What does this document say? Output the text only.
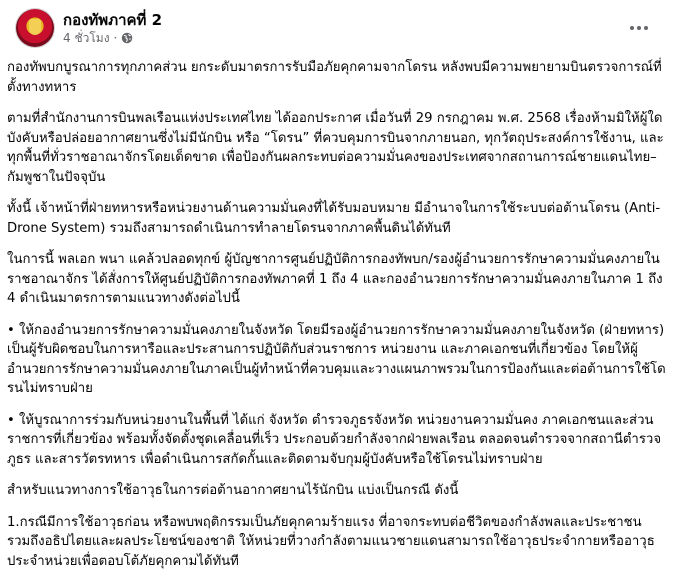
กองทัพภาคที่ 2
4 ชั่วโมง ·

กองทัพบกบูรณาการทุกภาคส่วน ยกระดับมาตรการรับมือภัยคุกคามจากโดรน หลังพบมีความพยายามบินตรวจการณ์ที่ตั้งทางทหาร

ตามที่สำนักงานการบินพลเรือนแห่งประเทศไทย ได้ออกประกาศ เมื่อวันที่ 29 กรกฎาคม พ.ศ. 2568 เรื่องห้ามมิให้ผู้ใดบังคับหรือปล่อยอากาศยานซึ่งไม่มีนักบิน หรือ “โดรน” ที่ควบคุมการบินจากภายนอก, ทุกวัตถุประสงค์การใช้งาน, และทุกพื้นที่ทั่วราชอาณาจักรโดยเด็ดขาด เพื่อป้องกันผลกระทบต่อความมั่นคงของประเทศจากสถานการณ์ชายแดนไทย–กัมพูชาในปัจจุบัน

ทั้งนี้ เจ้าหน้าที่ฝ่ายทหารหรือหน่วยงานด้านความมั่นคงที่ได้รับมอบหมาย มีอำนาจในการใช้ระบบต่อต้านโดรน (Anti-Drone System) รวมถึงสามารถดำเนินการทำลายโดรนจากภาคพื้นดินได้ทันที

ในการนี้ พลเอก พนา แคล้วปลอดทุกข์ ผู้บัญชาการศูนย์ปฏิบัติการกองทัพบก/รองผู้อำนวยการรักษาความมั่นคงภายในราชอาณาจักร ได้สั่งการให้ศูนย์ปฏิบัติการกองทัพภาคที่ 1 ถึง 4 และกองอำนวยการรักษาความมั่นคงภายในภาค 1 ถึง 4 ดำเนินมาตรการตามแนวทางดังต่อไปนี้

• ให้กองอำนวยการรักษาความมั่นคงภายในจังหวัด โดยมีรองผู้อำนวยการรักษาความมั่นคงภายในจังหวัด (ฝ่ายทหาร) เป็นผู้รับผิดชอบในการหารือและประสานการปฏิบัติกับส่วนราชการ หน่วยงาน และภาคเอกชนที่เกี่ยวข้อง โดยให้ผู้อำนวยการรักษาความมั่นคงภายในภาคเป็นผู้ทำหน้าที่ควบคุมและวางแผนภาพรวมในการป้องกันและต่อต้านการใช้โดรนไม่ทราบฝ่าย

• ให้บูรณาการร่วมกับหน่วยงานในพื้นที่ ได้แก่ จังหวัด ตำรวจภูธรจังหวัด หน่วยงานความมั่นคง ภาคเอกชนและส่วนราชการที่เกี่ยวข้อง พร้อมทั้งจัดตั้งชุดเคลื่อนที่เร็ว ประกอบด้วยกำลังจากฝ่ายพลเรือน ตลอดจนตำรวจจากสถานีตำรวจภูธร และสารวัตรทหาร เพื่อดำเนินการสกัดกั้นและติดตามจับกุมผู้บังคับหรือใช้โดรนไม่ทราบฝ่าย

สำหรับแนวทางการใช้อาวุธในการต่อต้านอากาศยานไร้นักบิน แบ่งเป็นกรณี ดังนี้

1.กรณีมีการใช้อาวุธก่อน หรือพบพฤติกรรมเป็นภัยคุกคามร้ายแรง ที่อาจกระทบต่อชีวิตของกำลังพลและประชาชน รวมถึงอธิปไตยและผลประโยชน์ของชาติ ให้หน่วยที่วางกำลังตามแนวชายแดนสามารถใช้อาวุธประจำกายหรืออาวุธประจำหน่วยเพื่อตอบโต้ภัยคุกคามได้ทันที
